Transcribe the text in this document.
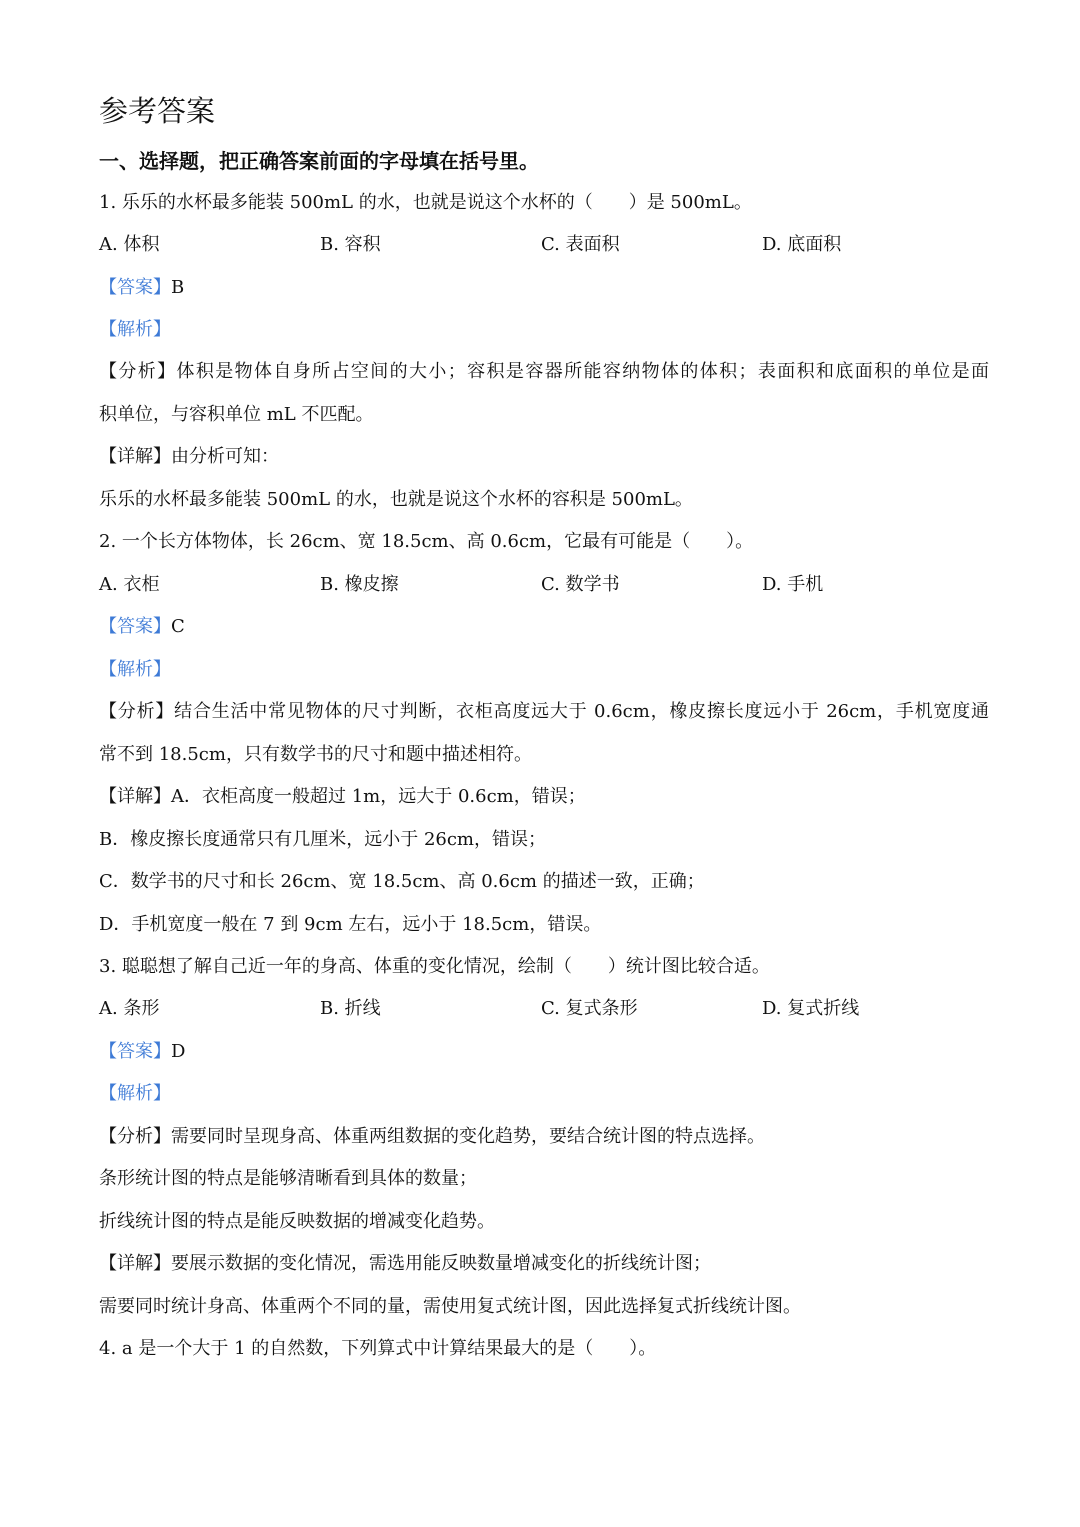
参考答案
一、选择题，把正确答案前面的字母填在括号里。
1. 乐乐的水杯最多能装 500mL 的水，也就是说这个水杯的（　　）是 500mL。
A. 体积	B. 容积	C. 表面积	D. 底面积
【答案】B
【解析】
【分析】体积是物体自身所占空间的大小；容积是容器所能容纳物体的体积；表面积和底面积的单位是面
积单位，与容积单位 mL 不匹配。
【详解】由分析可知：
乐乐的水杯最多能装 500mL 的水，也就是说这个水杯的容积是 500mL。
2. 一个长方体物体，长 26cm、宽 18.5cm、高 0.6cm，它最有可能是（　　）。
A. 衣柜	B. 橡皮擦	C. 数学书	D. 手机
【答案】C
【解析】
【分析】结合生活中常见物体的尺寸判断，衣柜高度远大于 0.6cm，橡皮擦长度远小于 26cm，手机宽度通
常不到 18.5cm，只有数学书的尺寸和题中描述相符。
【详解】A．衣柜高度一般超过 1m，远大于 0.6cm，错误；
B．橡皮擦长度通常只有几厘米，远小于 26cm，错误；
C．数学书的尺寸和长 26cm、宽 18.5cm、高 0.6cm 的描述一致，正确；
D．手机宽度一般在 7 到 9cm 左右，远小于 18.5cm，错误。
3. 聪聪想了解自己近一年的身高、体重的变化情况，绘制（　　）统计图比较合适。
A. 条形	B. 折线	C. 复式条形	D. 复式折线
【答案】D
【解析】
【分析】需要同时呈现身高、体重两组数据的变化趋势，要结合统计图的特点选择。
条形统计图的特点是能够清晰看到具体的数量；
折线统计图的特点是能反映数据的增减变化趋势。
【详解】要展示数据的变化情况，需选用能反映数量增减变化的折线统计图；
需要同时统计身高、体重两个不同的量，需使用复式统计图，因此选择复式折线统计图。
4. a 是一个大于 1 的自然数，下列算式中计算结果最大的是（　　）。
